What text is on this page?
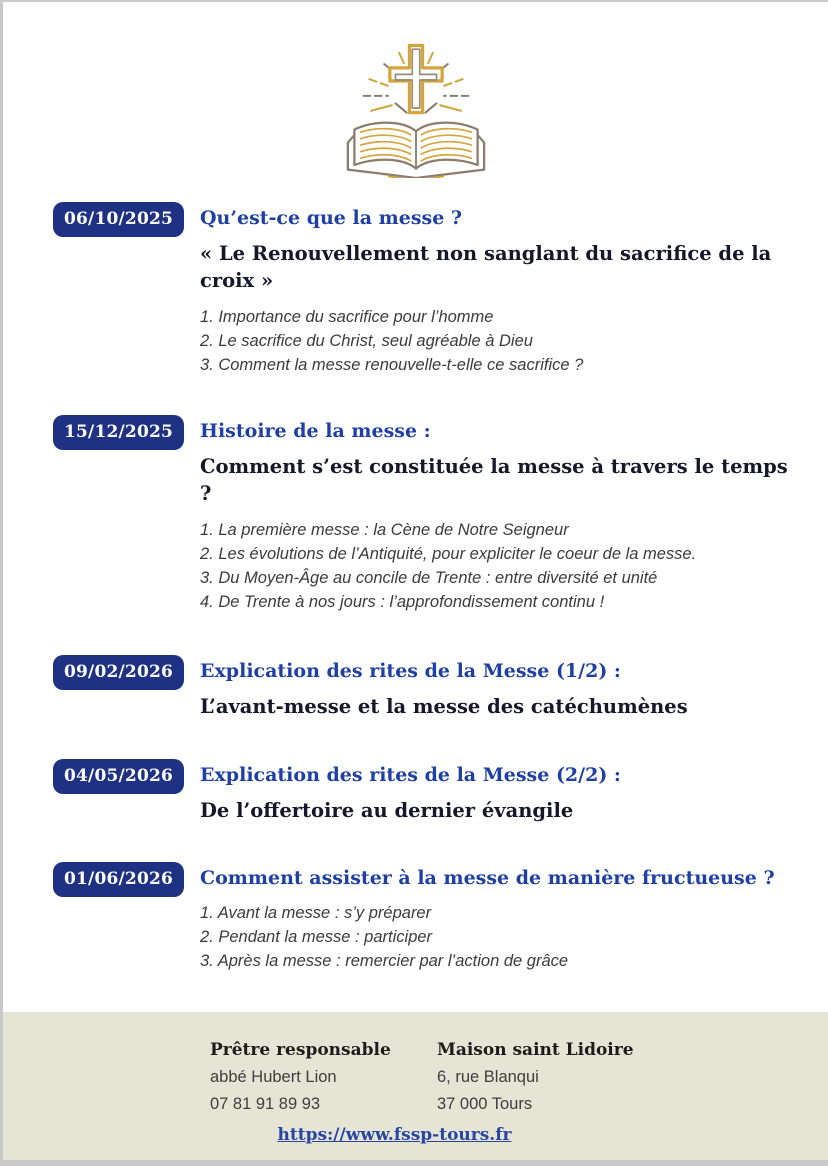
06/10/2025	Qu’est-ce que la messe ?
« Le Renouvellement non sanglant du sacrifice de la croix »
1. Importance du sacrifice pour l’homme
2. Le sacrifice du Christ, seul agréable à Dieu
3. Comment la messe renouvelle-t-elle ce sacrifice ?
15/12/2025	Histoire de la messe :
Comment s’est constituée la messe à travers le temps ?
1. La première messe : la Cène de Notre Seigneur
2. Les évolutions de l’Antiquité, pour expliciter le coeur de la messe.
3. Du Moyen-Âge au concile de Trente : entre diversité et unité
4. De Trente à nos jours : l’approfondissement continu !
09/02/2026	Explication des rites de la Messe (1/2) :
L’avant-messe et la messe des catéchumènes
04/05/2026	Explication des rites de la Messe (2/2) :
De l’offertoire au dernier évangile
01/06/2026	Comment assister à la messe de manière fructueuse ?
1. Avant la messe : s’y préparer
2. Pendant la messe : participer
3. Après la messe : remercier par l’action de grâce
Prêtre responsable
abbé Hubert Lion
07 81 91 89 93
Maison saint Lidoire
6, rue Blanqui
37 000 Tours
https://www.fssp-tours.fr
